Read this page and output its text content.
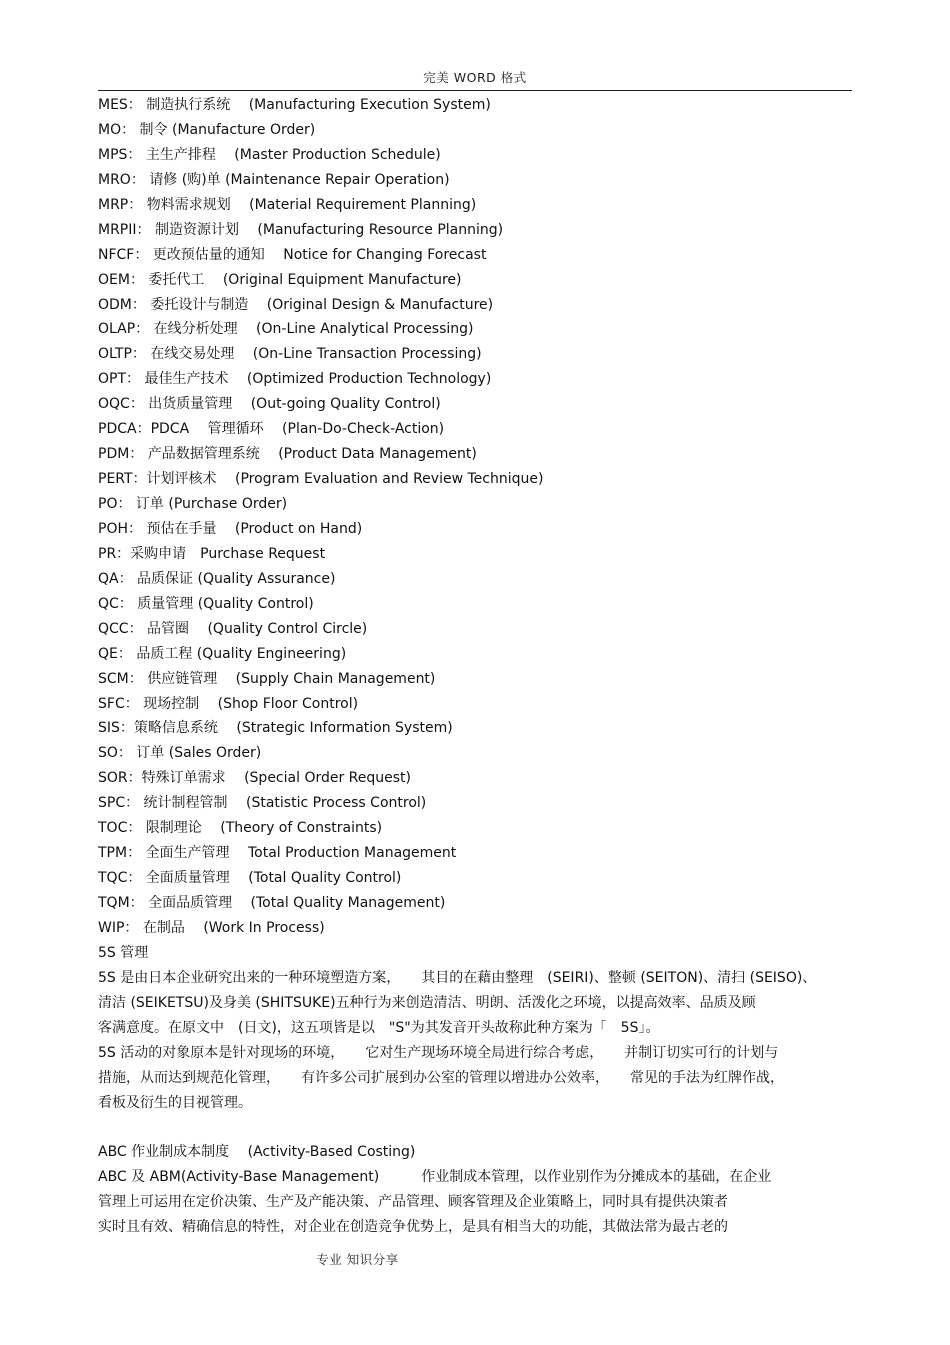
完美 WORD 格式
MES： 制造执行系统　 (Manufacturing Execution System)
MO： 制令 (Manufacture Order)
MPS： 主生产排程　 (Master Production Schedule)
MRO： 请修 (购)单 (Maintenance Repair Operation)
MRP： 物料需求规划　 (Material Requirement Planning)
MRPII： 制造资源计划　 (Manufacturing Resource Planning)
NFCF： 更改预估量的通知　 Notice for Changing Forecast
OEM： 委托代工　 (Original Equipment Manufacture)
ODM： 委托设计与制造　 (Original Design & Manufacture)
OLAP： 在线分析处理　 (On-Line Analytical Processing)
OLTP： 在线交易处理　 (On-Line Transaction Processing)
OPT： 最佳生产技术　 (Optimized Production Technology)
OQC： 出货质量管理　 (Out-going Quality Control)
PDCA：PDCA　 管理循环　 (Plan-Do-Check-Action)
PDM： 产品数据管理系统　 (Product Data Management)
PERT：计划评核术　 (Program Evaluation and Review Technique)
PO： 订单 (Purchase Order)
POH： 预估在手量　 (Product on Hand)
PR：采购申请　Purchase Request
QA： 品质保证 (Quality Assurance)
QC： 质量管理 (Quality Control)
QCC： 品管圈　 (Quality Control Circle)
QE： 品质工程 (Quality Engineering)
SCM： 供应链管理　 (Supply Chain Management)
SFC： 现场控制　 (Shop Floor Control)
SIS：策略信息系统　 (Strategic Information System)
SO： 订单 (Sales Order)
SOR：特殊订单需求　 (Special Order Request)
SPC： 统计制程管制　 (Statistic Process Control)
TOC： 限制理论　 (Theory of Constraints)
TPM： 全面生产管理　 Total Production Management
TQC： 全面质量管理　 (Total Quality Control)
TQM： 全面品质管理　 (Total Quality Management)
WIP： 在制品　 (Work In Process)
5S 管理

5S 是由日本企业研究出来的一种环境塑造方案，　　其目的在藉由整理　(SEIRI)、整顿 (SEITON)、清扫 (SEISO)、
清洁 (SEIKETSU)及身美 (SHITSUKE)五种行为来创造清洁、明朗、活泼化之环境，以提高效率、品质及顾
客满意度。在原文中　(日文)，这五项皆是以　"S"为其发音开头故称此种方案为「　5S」。

5S 活动的对象原本是针对现场的环境，　　它对生产现场环境全局进行综合考虑，　　并制订切实可行的计划与
措施，从而达到规范化管理，　　有许多公司扩展到办公室的管理以增进办公效率，　　常见的手法为红牌作战，
看板及衍生的目视管理。

ABC 作业制成本制度　 (Activity-Based Costing)

ABC 及 ABM(Activity-Base Management)　　　作业制成本管理，以作业别作为分摊成本的基础，在企业
管理上可运用在定价决策、生产及产能决策、产品管理、顾客管理及企业策略上，同时具有提供决策者
实时且有效、精确信息的特性，对企业在创造竞争优势上，是具有相当大的功能，其做法常为最古老的

专业 知识分享
